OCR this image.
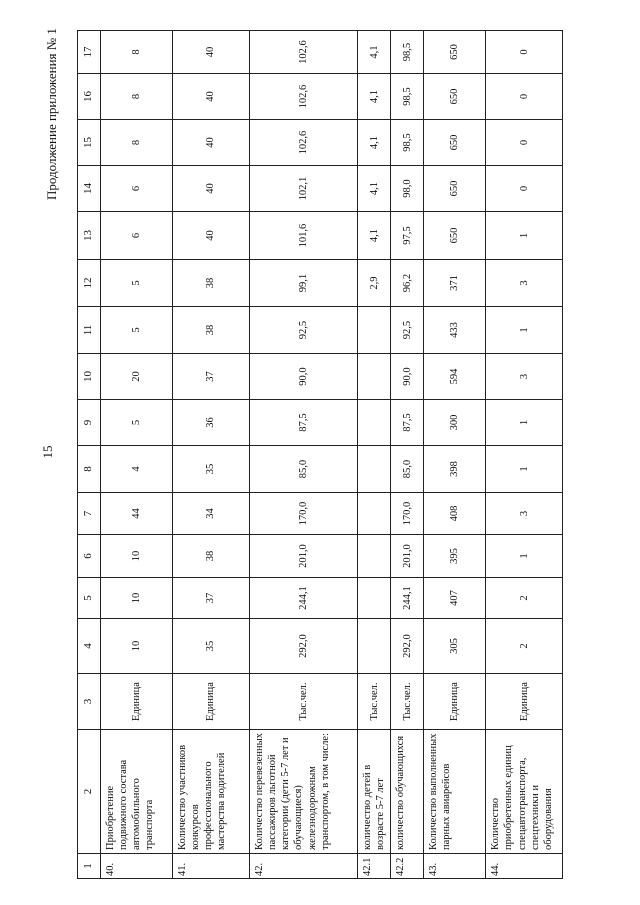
15
Продолжение приложения № 1
1	2	3	4	5	6	7	8	9	10	11	12	13	14	15	16	17
40.	Приобретение подвижного состава автомобильного транспорта	Единица	10	10	10	44	4	5	20	5	5	6	6	8	8	8
41.	Количество участников конкурсов профессионального мастерства водителей	Единица	35	37	38	34	35	36	37	38	38	40	40	40	40	40
42.	Количество перевезенных пассажиров льготной категории (дети 5-7 лет и обучающиеся) железнодорожным транспортом, в том числе:	Тыс.чел.	292,0	244,1	201,0	170,0	85,0	87,5	90,0	92,5	99,1	101,6	102,1	102,6	102,6	102,6
42.1	количество детей в возрасте 5-7 лет	Тыс.чел.									2,9	4,1	4,1	4,1	4,1	4,1
42.2	количество обучающихся	Тыс.чел.	292,0	244,1	201,0	170,0	85,0	87,5	90,0	92,5	96,2	97,5	98,0	98,5	98,5	98,5
43.	Количество выполненных парных авиарейсов	Единица	305	407	395	408	398	300	594	433	371	650	650	650	650	650
44.	Количество приобретенных единиц спецавтотранспорта, спецтехники и оборудования	Единица	2	2	1	3	1	1	3	1	3	1	0	0	0	0
